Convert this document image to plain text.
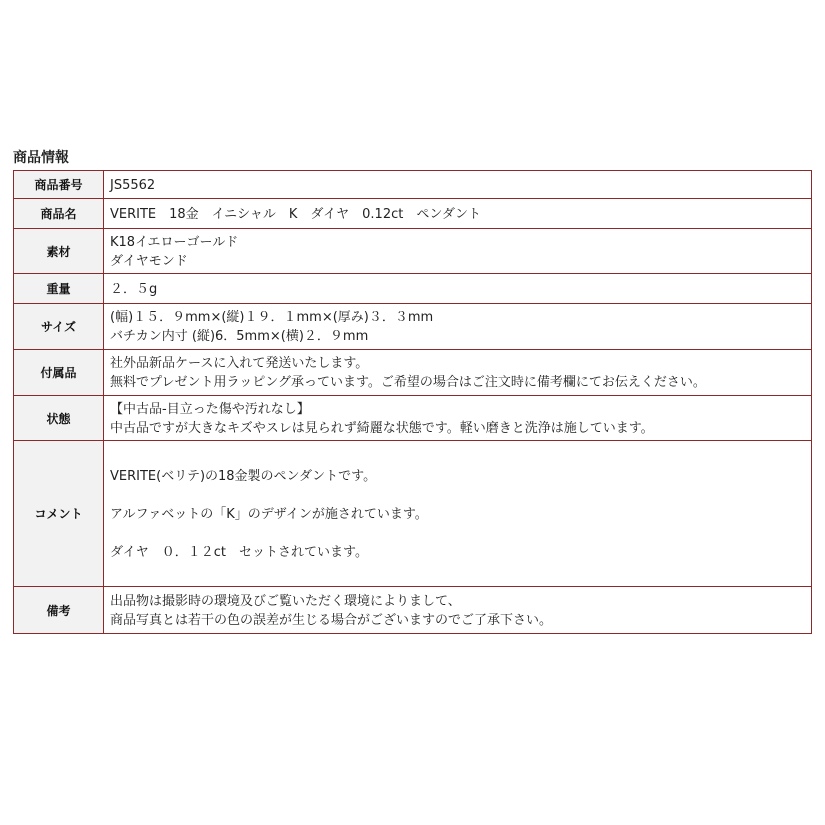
商品情報
商品番号	JS5562

商品名	VERITE　18金　イニシャル　K　ダイヤ　0.12ct　ペンダント

素材	K18イエローゴールド
ダイヤモンド

重量	２．５g

サイズ	(幅)１５．９mm×(縦)１９．１mm×(厚み)３．３mm
バチカン内寸 (縦)6．5mm×(横)２．９mm

付属品	社外品新品ケースに入れて発送いたします。
無料でプレゼント用ラッピング承っています。ご希望の場合はご注文時に備考欄にてお伝えください。

状態	【中古品-目立った傷や汚れなし】
中古品ですが大きなキズやスレは見られず綺麗な状態です。軽い磨きと洗浄は施しています。

コメント	VERITE(ベリテ)の18金製のペンダントです。
アルファベットの「K」のデザインが施されています。
ダイヤ　０．１２ct　セットされています。

備考	出品物は撮影時の環境及びご覧いただく環境によりまして、
商品写真とは若干の色の誤差が生じる場合がございますのでご了承下さい。
